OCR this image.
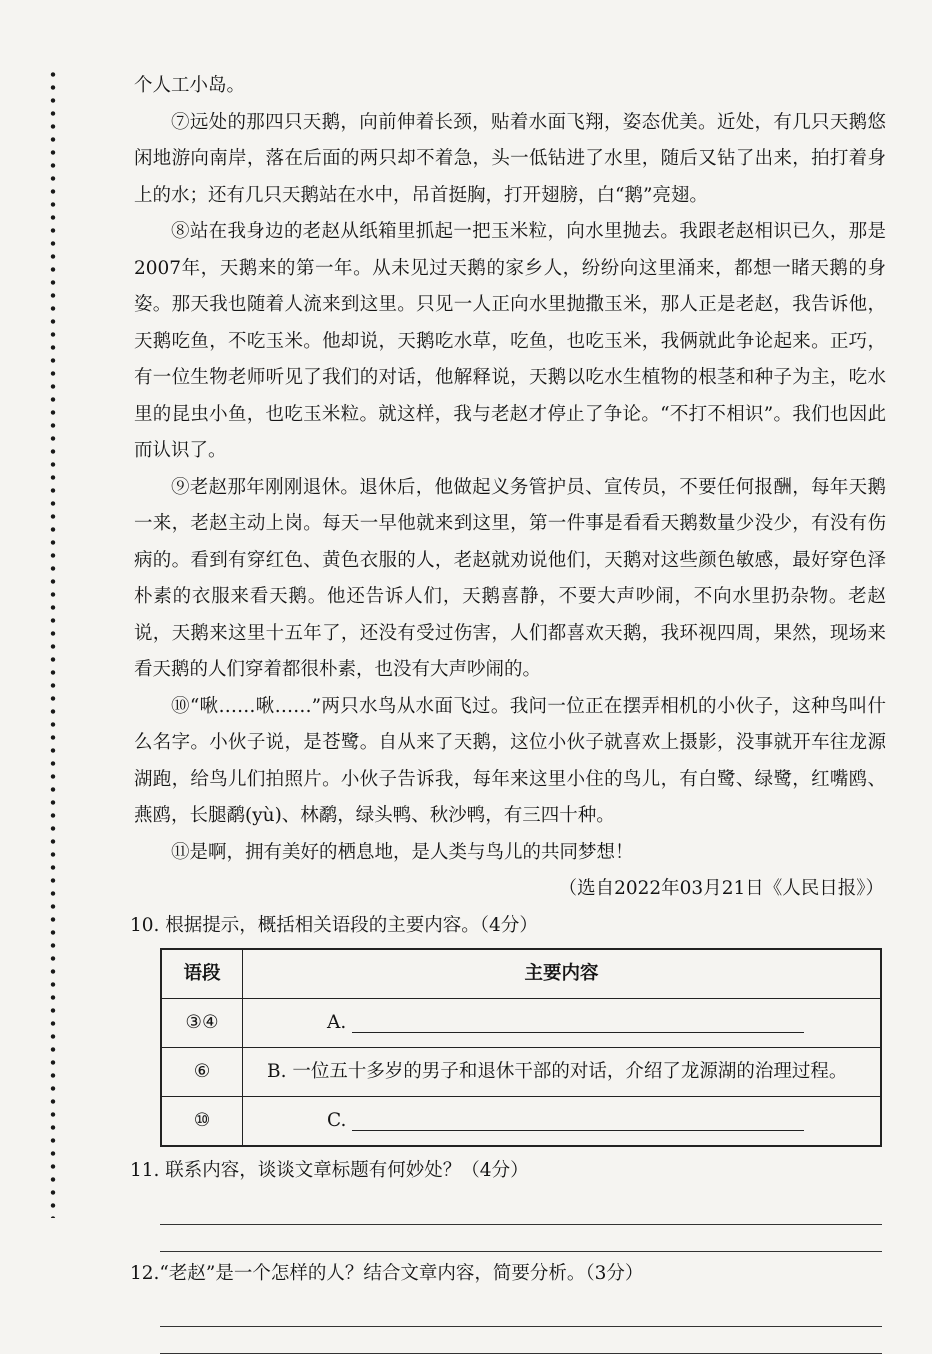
个人工小岛。
⑦远处的那四只天鹅，向前伸着长颈，贴着水面飞翔，姿态优美。近处，有几只天鹅悠闲地游向南岸，落在后面的两只却不着急，头一低钻进了水里，随后又钻了出来，拍打着身上的水；还有几只天鹅站在水中，吊首挺胸，打开翅膀，白“鹅”亮翅。
⑧站在我身边的老赵从纸箱里抓起一把玉米粒，向水里抛去。我跟老赵相识已久，那是2007年，天鹅来的第一年。从未见过天鹅的家乡人，纷纷向这里涌来，都想一睹天鹅的身姿。那天我也随着人流来到这里。只见一人正向水里抛撒玉米，那人正是老赵，我告诉他，天鹅吃鱼，不吃玉米。他却说，天鹅吃水草，吃鱼，也吃玉米，我俩就此争论起来。正巧，有一位生物老师听见了我们的对话，他解释说，天鹅以吃水生植物的根茎和种子为主，吃水里的昆虫小鱼，也吃玉米粒。就这样，我与老赵才停止了争论。“不打不相识”。我们也因此而认识了。
⑨老赵那年刚刚退休。退休后，他做起义务管护员、宣传员，不要任何报酬，每年天鹅一来，老赵主动上岗。每天一早他就来到这里，第一件事是看看天鹅数量少没少，有没有伤病的。看到有穿红色、黄色衣服的人，老赵就劝说他们，天鹅对这些颜色敏感，最好穿色泽朴素的衣服来看天鹅。他还告诉人们，天鹅喜静，不要大声吵闹，不向水里扔杂物。老赵说，天鹅来这里十五年了，还没有受过伤害，人们都喜欢天鹅，我环视四周，果然，现场来看天鹅的人们穿着都很朴素，也没有大声吵闹的。
⑩“啾……啾……”两只水鸟从水面飞过。我问一位正在摆弄相机的小伙子，这种鸟叫什么名字。小伙子说，是苍鹭。自从来了天鹅，这位小伙子就喜欢上摄影，没事就开车往龙源湖跑，给鸟儿们拍照片。小伙子告诉我，每年来这里小住的鸟儿，有白鹭、绿鹭，红嘴鸥、燕鸥，长腿鹬(yù)、林鹬，绿头鸭、秋沙鸭，有三四十种。
⑪是啊，拥有美好的栖息地，是人类与鸟儿的共同梦想！
（选自2022年03月21日《人民日报》）
10. 根据提示，概括相关语段的主要内容。（4分）
语段	主要内容
③④	A.
⑥	B. 一位五十多岁的男子和退休干部的对话，介绍了龙源湖的治理过程。
⑩	C.
11. 联系内容，谈谈文章标题有何妙处？（4分）
12.“老赵”是一个怎样的人？结合文章内容，简要分析。（3分）
